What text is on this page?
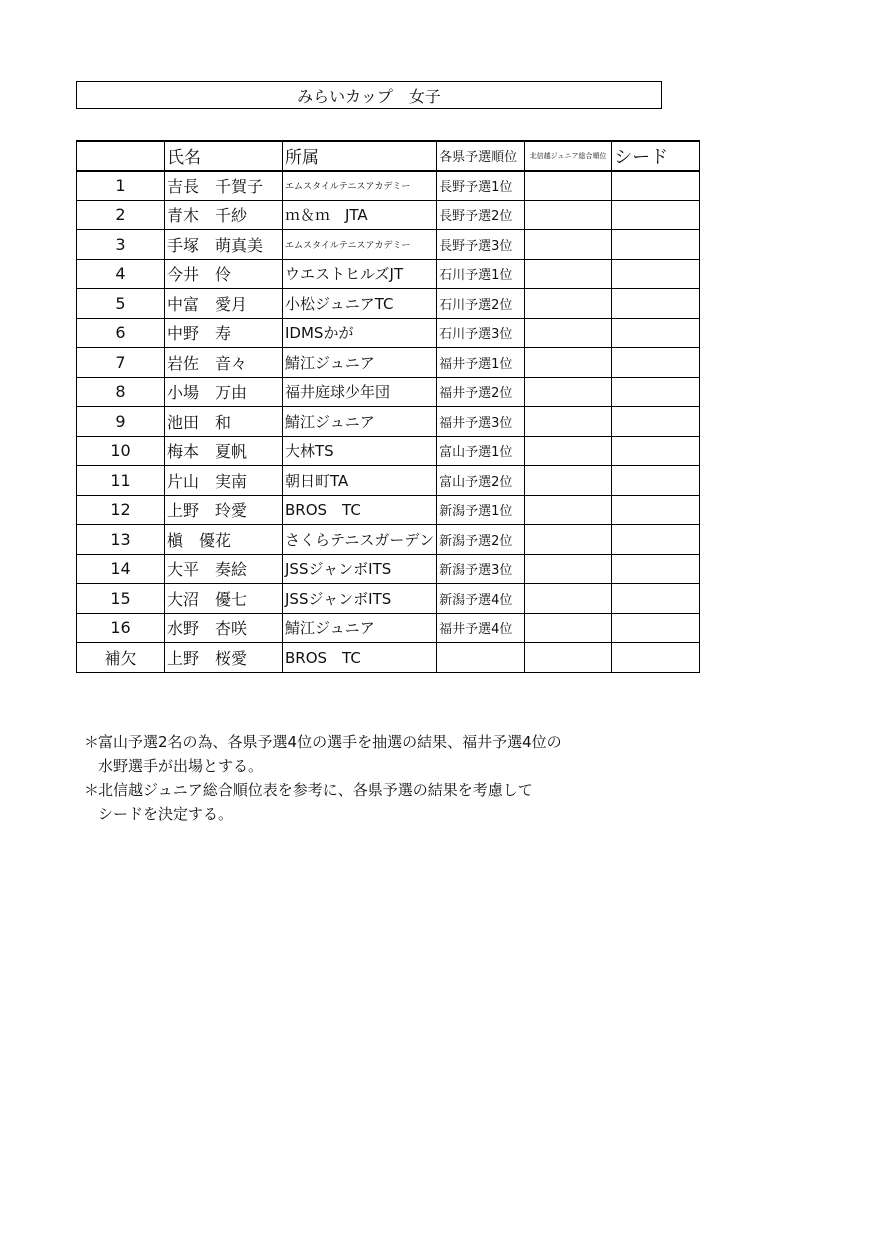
みらいカップ　女子
	氏名	所属	各県予選順位	北信越ジュニア総合順位	シード
1	吉長　千賀子	エムスタイルテニスアカデミー	長野予選1位		
2	青木　千紗	ｍ＆ｍ　JTA	長野予選2位		
3	手塚　萌真美	エムスタイルテニスアカデミー	長野予選3位		
4	今井　伶	ウエストヒルズJT	石川予選1位		
5	中富　愛月	小松ジュニアTC	石川予選2位		
6	中野　寿	IDMSかが	石川予選3位		
7	岩佐　音々	鯖江ジュニア	福井予選1位		
8	小場　万由	福井庭球少年団	福井予選2位		
9	池田　和	鯖江ジュニア	福井予選3位		
10	梅本　夏帆	大林TS	富山予選1位		
11	片山　実南	朝日町TA	富山予選2位		
12	上野　玲愛	BROS　TC	新潟予選1位		
13	槇　優花	さくらテニスガーデン	新潟予選2位		
14	大平　奏絵	JSSジャンボITS	新潟予選3位		
15	大沼　優七	JSSジャンボITS	新潟予選4位		
16	水野　杏咲	鯖江ジュニア	福井予選4位		
補欠	上野　桜愛	BROS　TC			
＊
富山予選2名の為、各県予選4位の選手を抽選の結果、福井予選4位の
水野選手が出場とする。
＊
北信越ジュニア総合順位表を参考に、各県予選の結果を考慮して
シードを決定する。
